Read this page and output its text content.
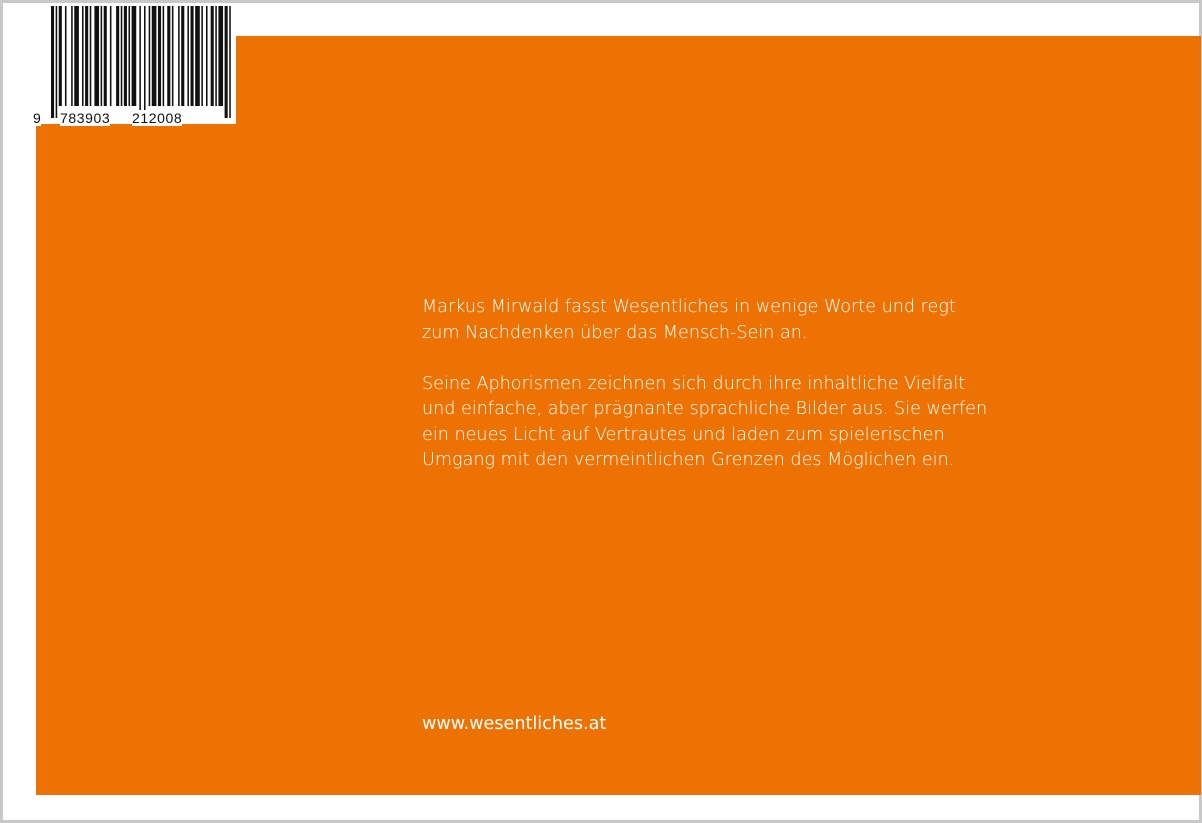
Markus Mirwald fasst Wesentliches in wenige Worte und regt
zum Nachdenken über das Mensch-Sein an.
Seine Aphorismen zeichnen sich durch ihre inhaltliche Vielfalt
und einfache, aber prägnante sprachliche Bilder aus. Sie werfen
ein neues Licht auf Vertrautes und laden zum spielerischen
Umgang mit den vermeintlichen Grenzen des Möglichen ein.
www.wesentliches.at
9 783903 212008
